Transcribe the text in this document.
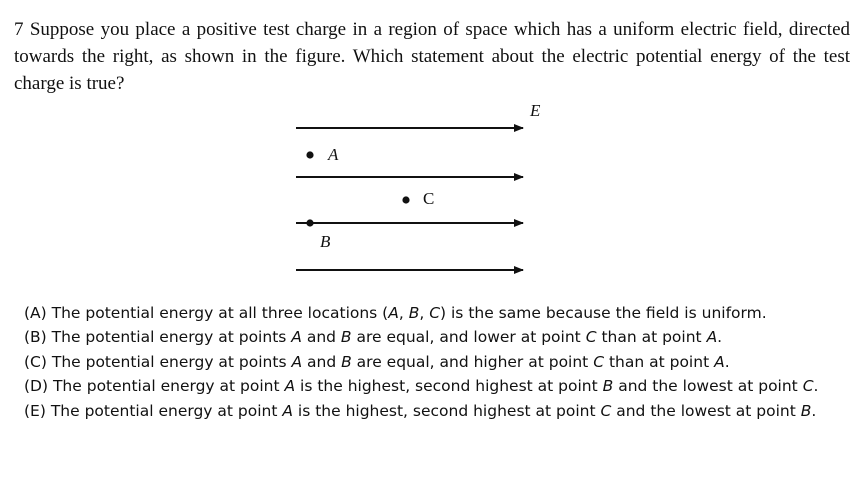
7 Suppose you place a positive test charge in a region of space which has a uniform electric field, directed towards the right, as shown in the figure. Which statement about the electric potential energy of the test charge is true?

E
A
C
B
(A) The potential energy at all three locations (A, B, C) is the same because the field is uniform.
(B) The potential energy at points A and B are equal, and lower at point C than at point A.
(C) The potential energy at points A and B are equal, and higher at point C than at point A.
(D) The potential energy at point A is the highest, second highest at point B and the lowest at point C.
(E) The potential energy at point A is the highest, second highest at point C and the lowest at point B.
